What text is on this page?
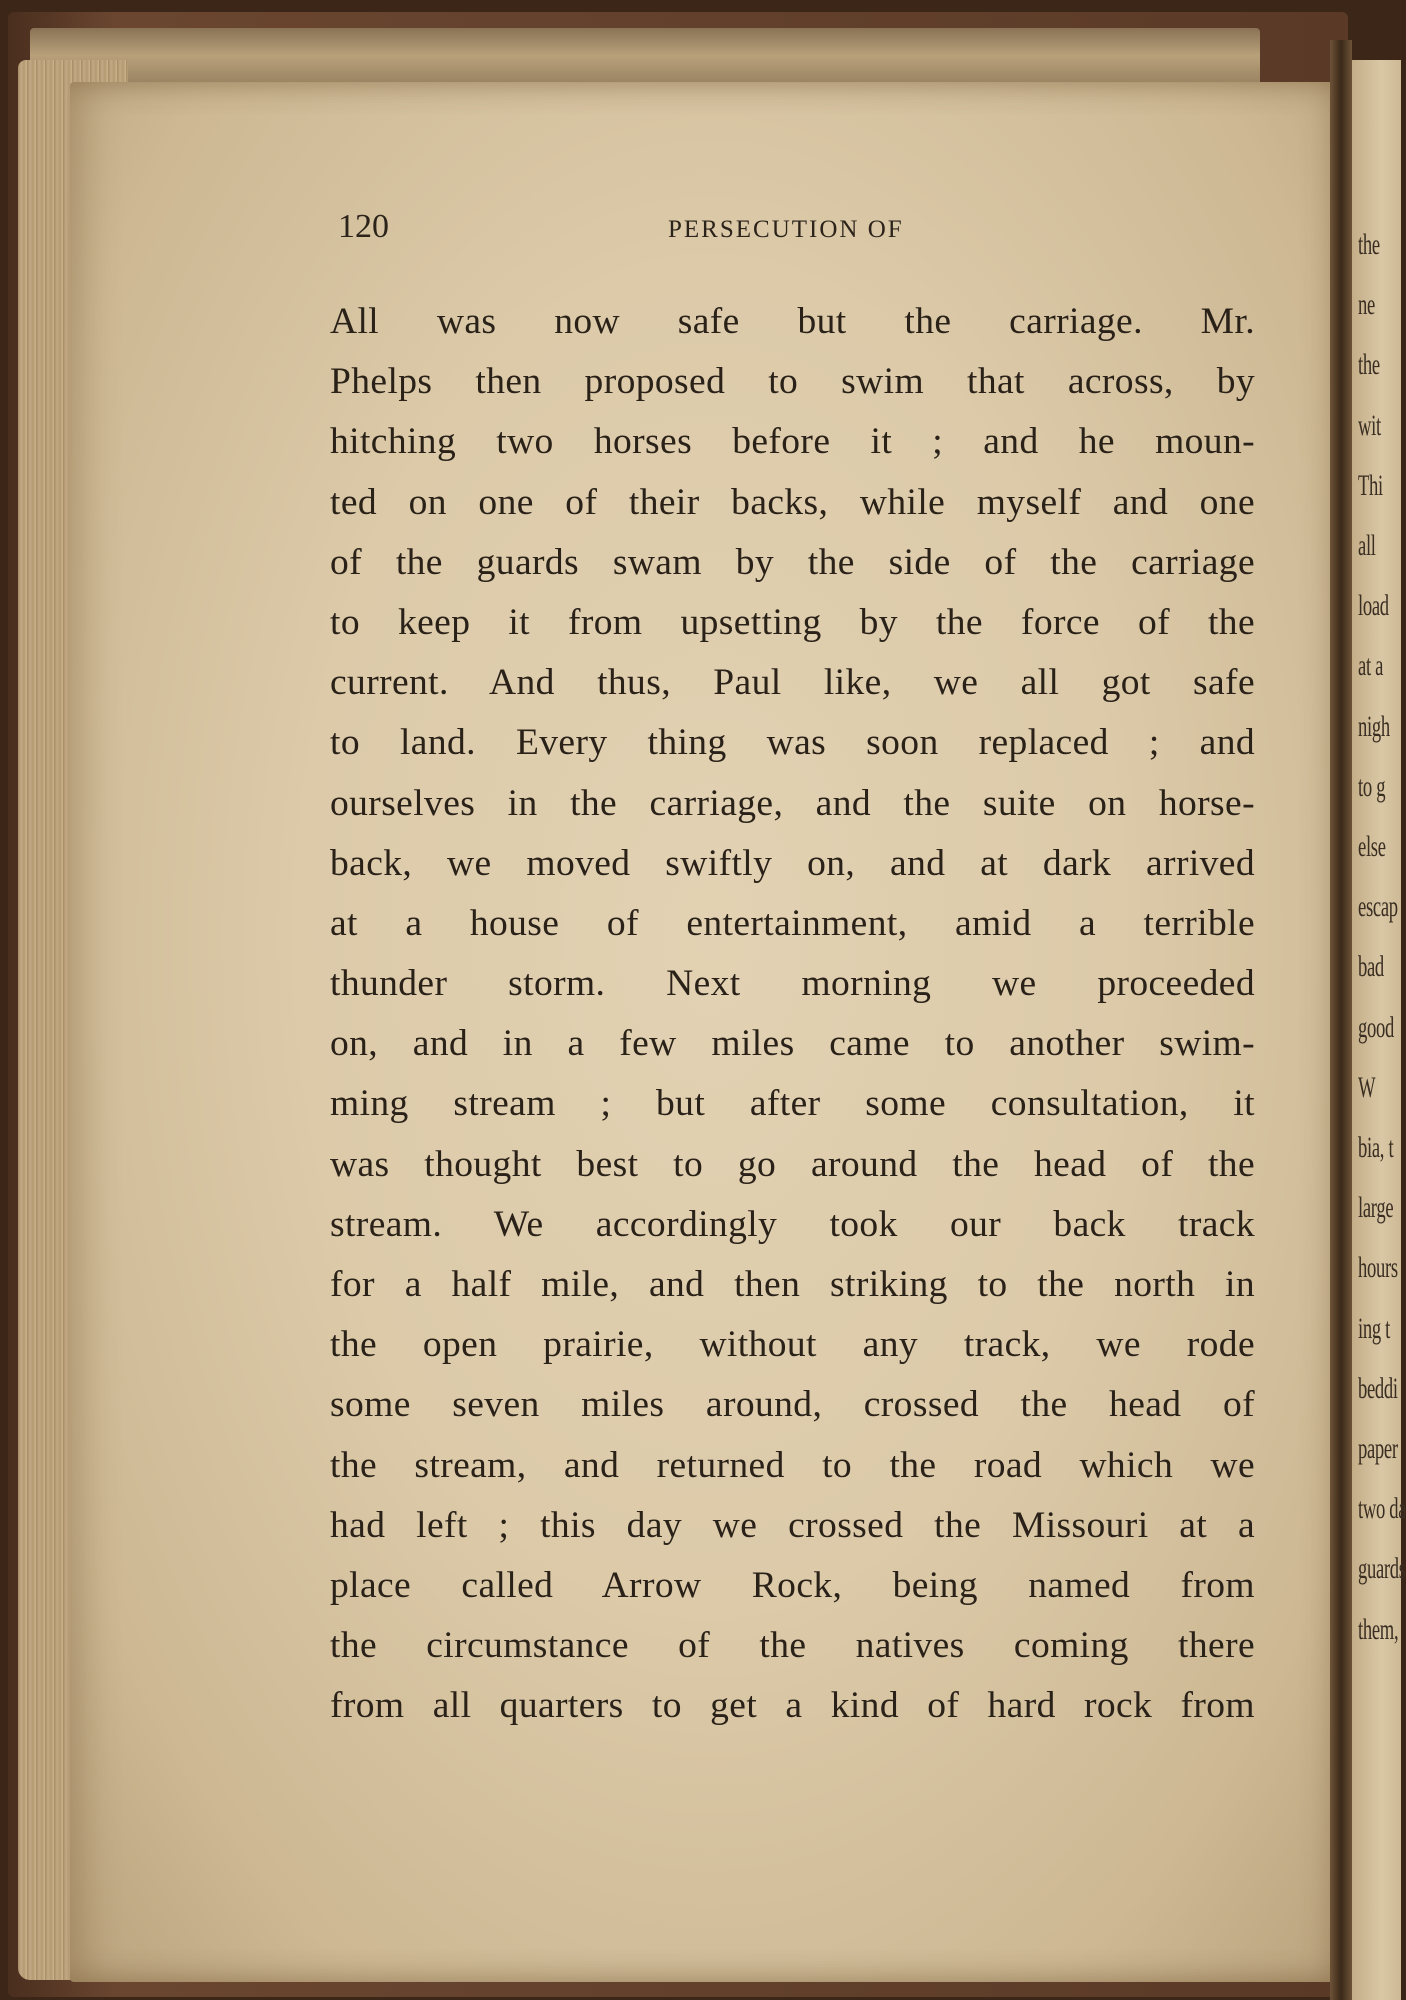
the
ne
the
wit
Thi
all
load
at a
nigh
to g
else
escap
bad
good
W
bia, t
large
hours
ing t
beddi
paper
two da
guards
them,
120	PERSECUTION OF
All was now safe but the carriage. Mr.
Phelps then proposed to swim that across, by
hitching two horses before it ; and he moun-
ted on one of their backs, while myself and one
of the guards swam by the side of the carriage
to keep it from upsetting by the force of the
current. And thus, Paul like, we all got safe
to land. Every thing was soon replaced ; and
ourselves in the carriage, and the suite on horse-
back, we moved swiftly on, and at dark arrived
at a house of entertainment, amid a terrible
thunder storm. Next morning we proceeded
on, and in a few miles came to another swim-
ming stream ; but after some consultation, it
was thought best to go around the head of the
stream. We accordingly took our back track
for a half mile, and then striking to the north in
the open prairie, without any track, we rode
some seven miles around, crossed the head of
the stream, and returned to the road which we
had left ; this day we crossed the Missouri at a
place called Arrow Rock, being named from
the circumstance of the natives coming there
from all quarters to get a kind of hard rock from
